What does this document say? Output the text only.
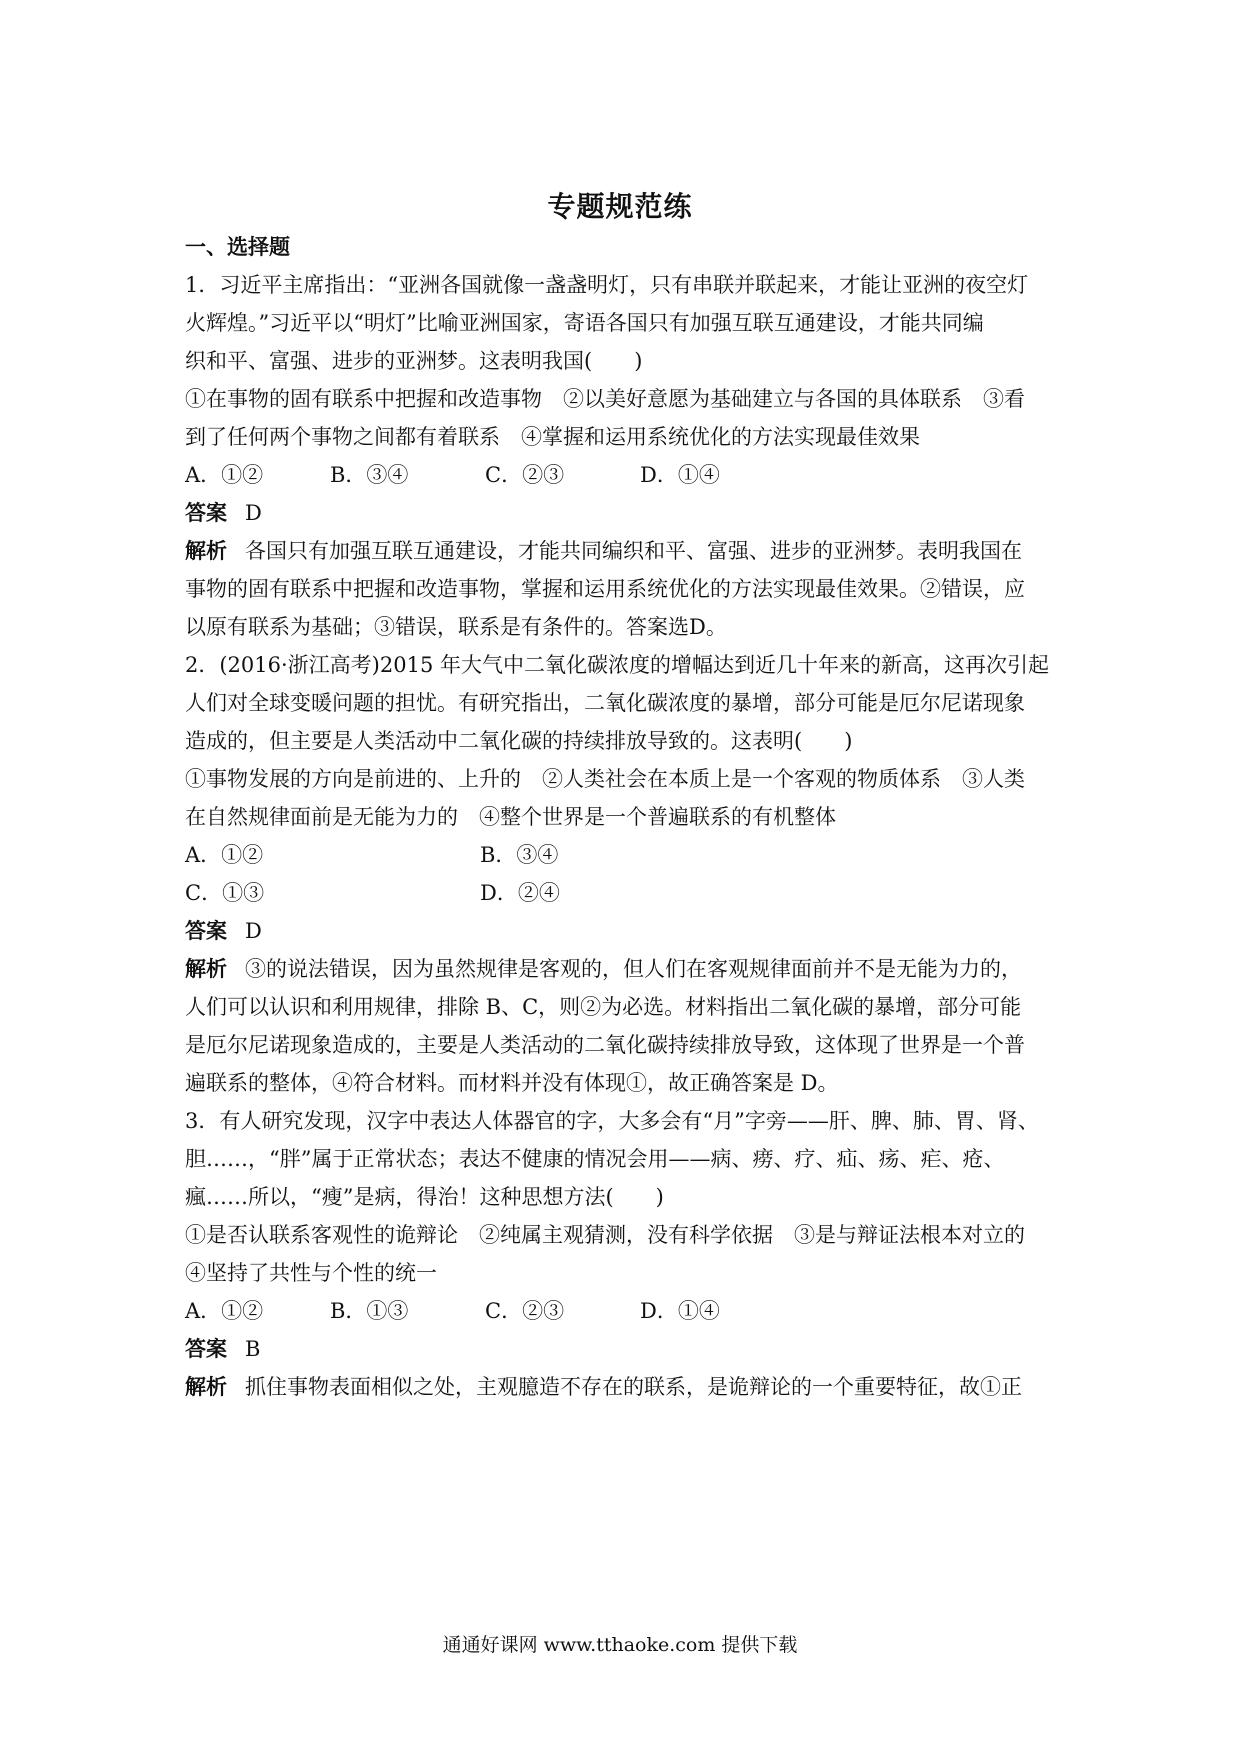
专题规范练
一、选择题
1．习近平主席指出：“亚洲各国就像一盏盏明灯，只有串联并联起来，才能让亚洲的夜空灯
火辉煌。”习近平以“明灯”比喻亚洲国家，寄语各国只有加强互联互通建设，才能共同编
织和平、富强、进步的亚洲梦。这表明我国(　　)
①在事物的固有联系中把握和改造事物　②以美好意愿为基础建立与各国的具体联系　③看
到了任何两个事物之间都有着联系　④掌握和运用系统优化的方法实现最佳效果
A．①②	B．③④	C．②③	D．①④
答案 D
解析 各国只有加强互联互通建设，才能共同编织和平、富强、进步的亚洲梦。表明我国在
事物的固有联系中把握和改造事物，掌握和运用系统优化的方法实现最佳效果。②错误，应
以原有联系为基础；③错误，联系是有条件的。答案选D。
2．(2016·浙江高考)2015 年大气中二氧化碳浓度的增幅达到近几十年来的新高，这再次引起
人们对全球变暖问题的担忧。有研究指出，二氧化碳浓度的暴增，部分可能是厄尔尼诺现象
造成的，但主要是人类活动中二氧化碳的持续排放导致的。这表明(　　)
①事物发展的方向是前进的、上升的　②人类社会在本质上是一个客观的物质体系　③人类
在自然规律面前是无能为力的　④整个世界是一个普遍联系的有机整体
A．①②	B．③④
C．①③	D．②④
答案 D
解析 ③的说法错误，因为虽然规律是客观的，但人们在客观规律面前并不是无能为力的，
人们可以认识和利用规律，排除 B、C，则②为必选。材料指出二氧化碳的暴增，部分可能
是厄尔尼诺现象造成的，主要是人类活动的二氧化碳持续排放导致，这体现了世界是一个普
遍联系的整体，④符合材料。而材料并没有体现①，故正确答案是 D。
3．有人研究发现，汉字中表达人体器官的字，大多会有“月”字旁——肝、脾、肺、胃、肾、
胆……，“胖”属于正常状态；表达不健康的情况会用——病、痨、疗、疝、疡、疟、疮、
瘋……所以，“瘦”是病，得治！这种思想方法(　　)
①是否认联系客观性的诡辩论　②纯属主观猜测，没有科学依据　③是与辩证法根本对立的
④坚持了共性与个性的统一
A．①②	B．①③	C．②③	D．①④
答案 B
解析 抓住事物表面相似之处，主观臆造不存在的联系，是诡辩论的一个重要特征，故①正
通通好课网 www.tthaoke.com 提供下载
